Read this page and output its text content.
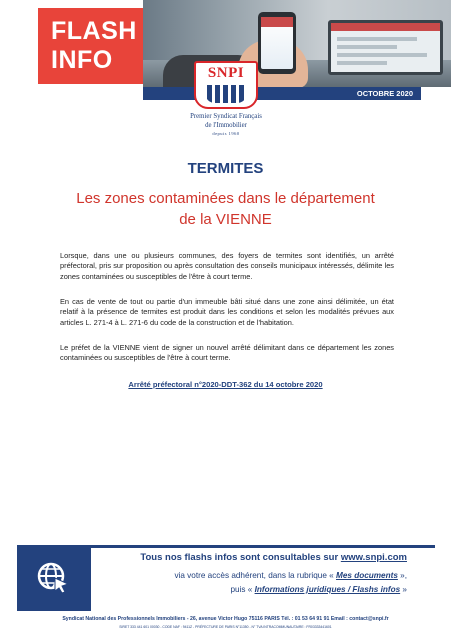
FLASH
INFO
OCTOBRE 2020
SNPI
Premier Syndicat Français
de l'Immobilier
depuis 1960
TERMITES
Les zones contaminées dans le département
de la VIENNE

Lorsque, dans une ou plusieurs communes, des foyers de termites sont identifiés, un arrêté préfectoral, pris sur proposition ou après consultation des conseils municipaux intéressés, délimite les zones contaminées ou susceptibles de l'être à court terme.

En cas de vente de tout ou partie d'un immeuble bâti situé dans une zone ainsi délimitée, un état relatif à la présence de termites est produit dans les conditions et selon les modalités prévues aux articles L. 271-4 à L. 271-6 du code de la construction et de l'habitation.

Le préfet de la VIENNE vient de signer un nouvel arrêté délimitant dans ce département les zones contaminées ou susceptibles de l'être à court terme.

Arrêté préfectoral n°2020-DDT-362 du 14 octobre 2020
Tous nos flashs infos sont consultables sur www.snpi.com
via votre accès adhérent, dans la rubrique « Mes documents »,
puis « Informations juridiques / Flashs infos »
Syndicat National des Professionnels Immobiliers - 26, avenue Victor Hugo 75116 PARIS Tél. : 01 53 64 91 91 Email : contact@snpi.fr
SIRET 333 441 601 00030 - CODE NAF : 9411Z - PRÉFECTURE DE PARIS N°11350 - N° TVA INTRACOMMUNAUTAIRE : FR03333441601
